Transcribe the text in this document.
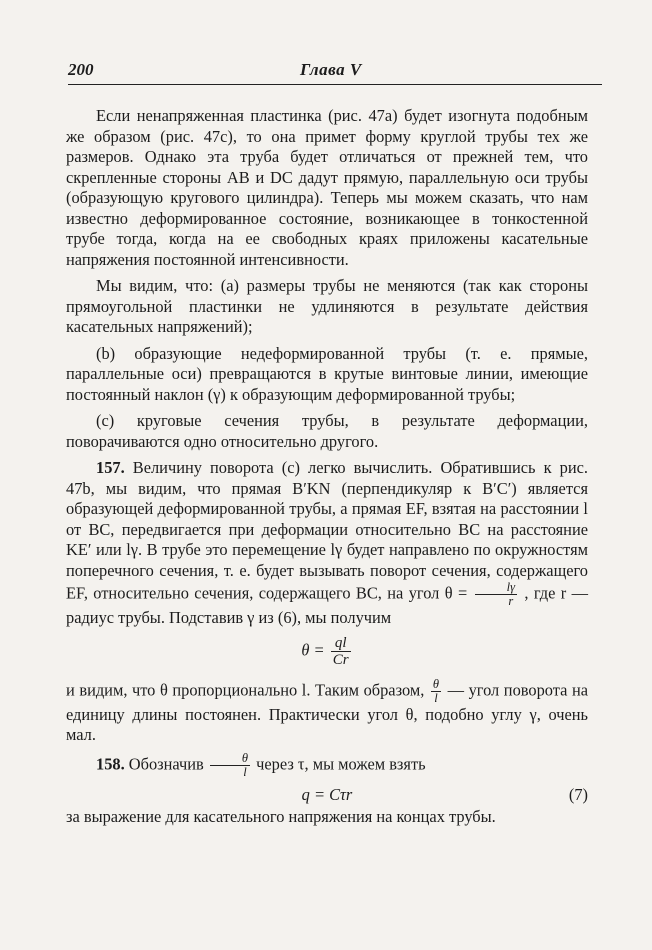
200	Глава V

Если ненапряженная пластинка (рис. 47a) будет изогнута подобным же образом (рис. 47c), то она примет форму круглой трубы тех же размеров. Однако эта труба будет отличаться от прежней тем, что скрепленные стороны AB и DC дадут прямую, параллельную оси трубы (образующую кругового цилиндра). Теперь мы можем сказать, что нам известно деформированное состояние, возникающее в тонкостенной трубе тогда, когда на ее свободных краях приложены касательные напряжения постоянной интенсивности.

Мы видим, что: (a) размеры трубы не меняются (так как стороны прямоугольной пластинки не удлиняются в результате действия касательных напряжений);

(b) образующие недеформированной трубы (т. е. прямые, параллельные оси) превращаются в крутые винтовые линии, имеющие постоянный наклон (γ) к образующим деформированной трубы;

(c) круговые сечения трубы, в результате деформации, поворачиваются одно относительно другого.

157. Величину поворота (c) легко вычислить. Обратившись к рис. 47b, мы видим, что прямая B′KN (перпендикуляр к B′C′) является образующей деформированной трубы, а прямая EF, взятая на расстоянии l от BC, передвигается при деформации относительно BC на расстояние KE′ или lγ. В трубе это перемещение lγ будет направлено по окружностям поперечного сечения, т. е. будет вызывать поворот сечения, содержащего EF, относительно сечения, содержащего BC, на угол $\theta = \frac{l\gamma}{r}$ , где r — радиус трубы. Подставив γ из (6), мы получим

$\theta = \frac{ql}{Cr}$

и видим, что θ пропорционально l. Таким образом, $\frac{\theta}{l}$ — угол поворота на единицу длины постоянен. Практически угол θ, подобно углу γ, очень мал.

158. Обозначив $\frac{\theta}{l}$ через τ, мы можем взять

q = Cτr	(7)

за выражение для касательного напряжения на концах трубы.
